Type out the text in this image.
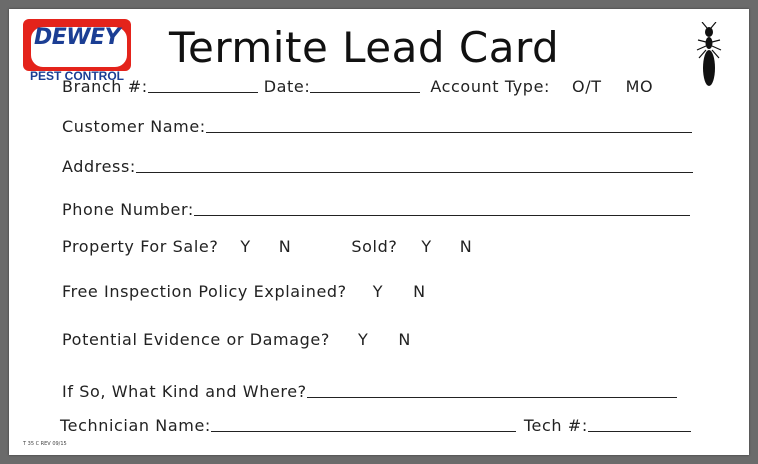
DEWEY
PEST CONTROL
Termite Lead Card
Branch #:	Date:	Account Type: O/T MO
Customer Name:
Address:
Phone Number:
Property For Sale? Y N	Sold? Y N
Free Inspection Policy Explained? Y N
Potential Evidence or Damage? Y N
If So, What Kind and Where?
Technician Name:	Tech #:
T 35 C REV 09/15
